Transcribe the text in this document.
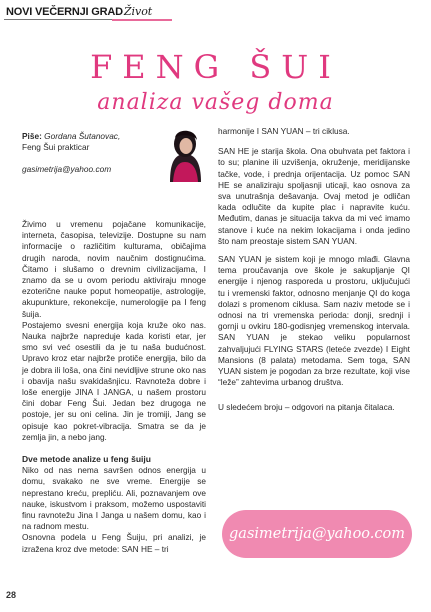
NOVI VEČERNJI GRAD Život
FENG ŠUI
analiza vašeg doma
Piše: Gordana Šutanovac,
Feng Šui prakticar
gasimetrija@yahoo.com

Živimo u vremenu pojačane komunikacije, interneta, časopisa, televizije. Dostupne su nam informacije o različitim kulturama, običajima drugih naroda, novim naučnim dostignućima. Čitamo i slušamo o drevnim civilizacijama, I znamo da se u ovom periodu aktiviraju mnoge ezoterične nauke poput homeopatije, astrologije, akupunkture, rekonekcije, numerologije pa I feng šuija.

Postajemo svesni energija koja kruže oko nas. Nauka najbrže napreduje kada koristi etar, jer smo svi već osestili da je tu naša budućnost. Upravo kroz etar najbrže protiče energija, bilo da je dobra ili loša, ona čini nevidljive strune oko nas i obavija našu svakidašnjicu. Ravnoteža dobre i loše energije JINA I JANGA, u našem prostoru čini dobar Feng Šui. Jedan bez drugoga ne postoje, jer su oni celina. Jin je tromiji, Jang se opisuje kao pokret-vibracija. Smatra se da je zemlja jin, a nebo jang.

Dve metode analize u feng šuiju

Niko od nas nema savršen odnos energija u domu, svakako ne sve vreme. Energije se neprestano kreću, prepliću. Ali, poznavanjem ove nauke, iskustvom i praksom, možemo uspostaviti finu ravnotežu Jina I Janga u našem domu, kao i na radnom mestu.

Osnovna podela u Feng Šuiju, pri analizi, je izražena kroz dve metode: SAN HE – tri

harmonije I SAN YUAN – tri ciklusa.

SAN HE je starija škola. Ona obuhvata pet faktora i to su; planine ili uzvišenja, okruženje, meridijanske tačke, vode, i prednja orijentacija. Uz pomoc SAN HE se analiziraju spoljasnji uticaji, kao osnova za sva unutrašnja dešavanja. Ovaj metod je odličan kada odlučite da kupite plac i napravite kuću. Međutim, danas je situacija takva da mi već imamo stanove i kuće na nekim lokacijama i onda jedino što nam preostaje sistem SAN YUAN.

SAN YUAN je sistem koji je mnogo mlađi. Glavna tema proučavanja ove škole je sakupljanje QI energije i njenog rasporeda u prostoru, uključujući tu i vremenski faktor, odnosno menjanje QI do koga dolazi s promenom ciklusa. Sam naziv metode se i odnosi na tri vremenska perioda: donji, srednji i gornji u ovkiru 180-godisnjeg vremenskog intervala. SAN YUAN je stekao veliku popularnost zahvaljujući FLYING STARS (leteće zvezde) I Eight Mansions (8 palata) metodama. Sem toga, SAN YUAN sistem je pogodan za brze rezultate, koji vise “leže” zahtevima urbanog društva.

U sledećem broju – odgovori na pitanja čitalaca.

gasimetrija@yahoo.com
28
